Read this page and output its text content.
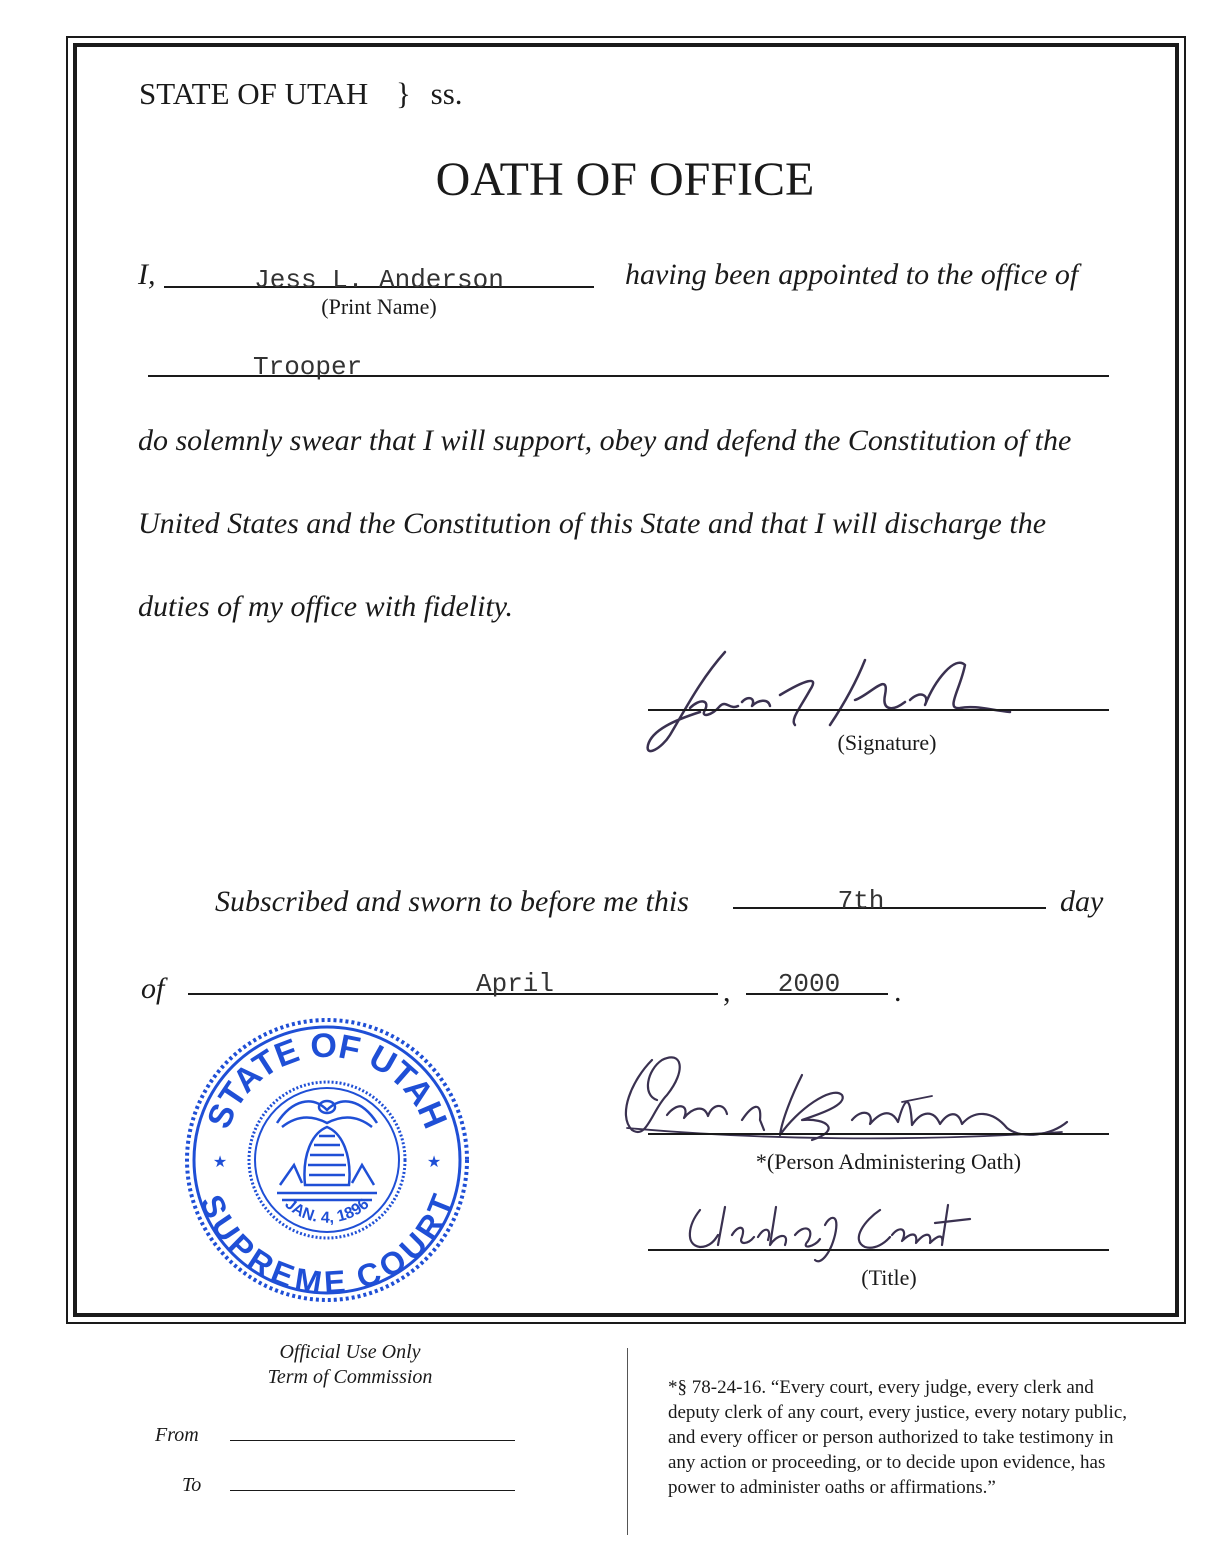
STATE OF UTAH } ss.
OATH OF OFFICE
I,	Jess L. Anderson
(Print Name)
having been appointed to the office of
Trooper
do solemnly swear that I will support, obey and defend the Constitution of the
United States and the Constitution of this State and that I will discharge the
duties of my office with fidelity.
(Signature)
Subscribed and sworn to before me this	7th	day
of	April	,	2000	.
STATE OF UTAH
SUPREME COURT
JAN. 4, 1896
★	★	*(Person Administering Oath)
(Title)
Official Use Only
Term of Commission
From
To
*§ 78-24-16. “Every court, every judge, every clerk and
deputy clerk of any court, every justice, every notary public,
and every officer or person authorized to take testimony in
any action or proceeding, or to decide upon evidence, has
power to administer oaths or affirmations.”
